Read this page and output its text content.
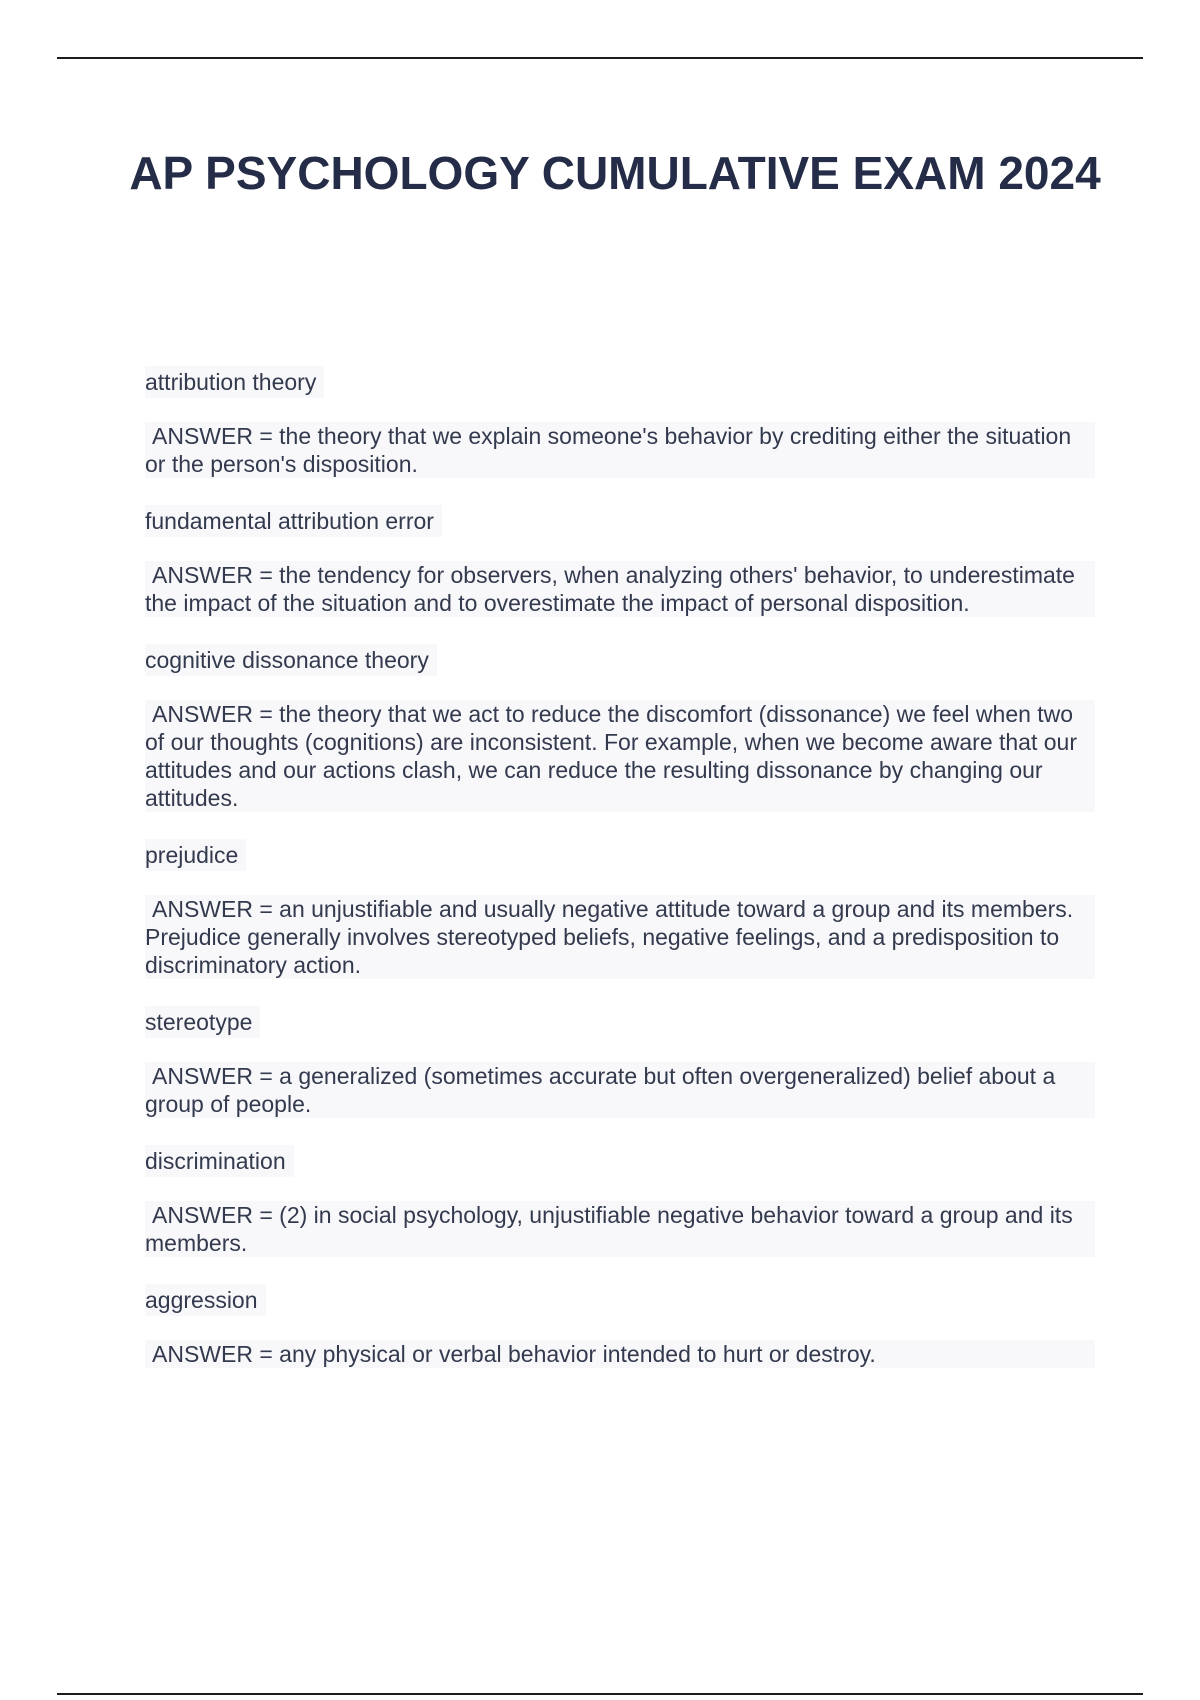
AP PSYCHOLOGY CUMULATIVE EXAM 2024
attribution theory
ANSWER = the theory that we explain someone's behavior by crediting either the situation or the person's disposition.
fundamental attribution error
ANSWER = the tendency for observers, when analyzing others' behavior, to underestimate the impact of the situation and to overestimate the impact of personal disposition.
cognitive dissonance theory
ANSWER = the theory that we act to reduce the discomfort (dissonance) we feel when two of our thoughts (cognitions) are inconsistent. For example, when we become aware that our attitudes and our actions clash, we can reduce the resulting dissonance by changing our attitudes.
prejudice
ANSWER = an unjustifiable and usually negative attitude toward a group and its members. Prejudice generally involves stereotyped beliefs, negative feelings, and a predisposition to discriminatory action.
stereotype
ANSWER = a generalized (sometimes accurate but often overgeneralized) belief about a group of people.
discrimination
ANSWER = (2) in social psychology, unjustifiable negative behavior toward a group and its members.
aggression
ANSWER = any physical or verbal behavior intended to hurt or destroy.
